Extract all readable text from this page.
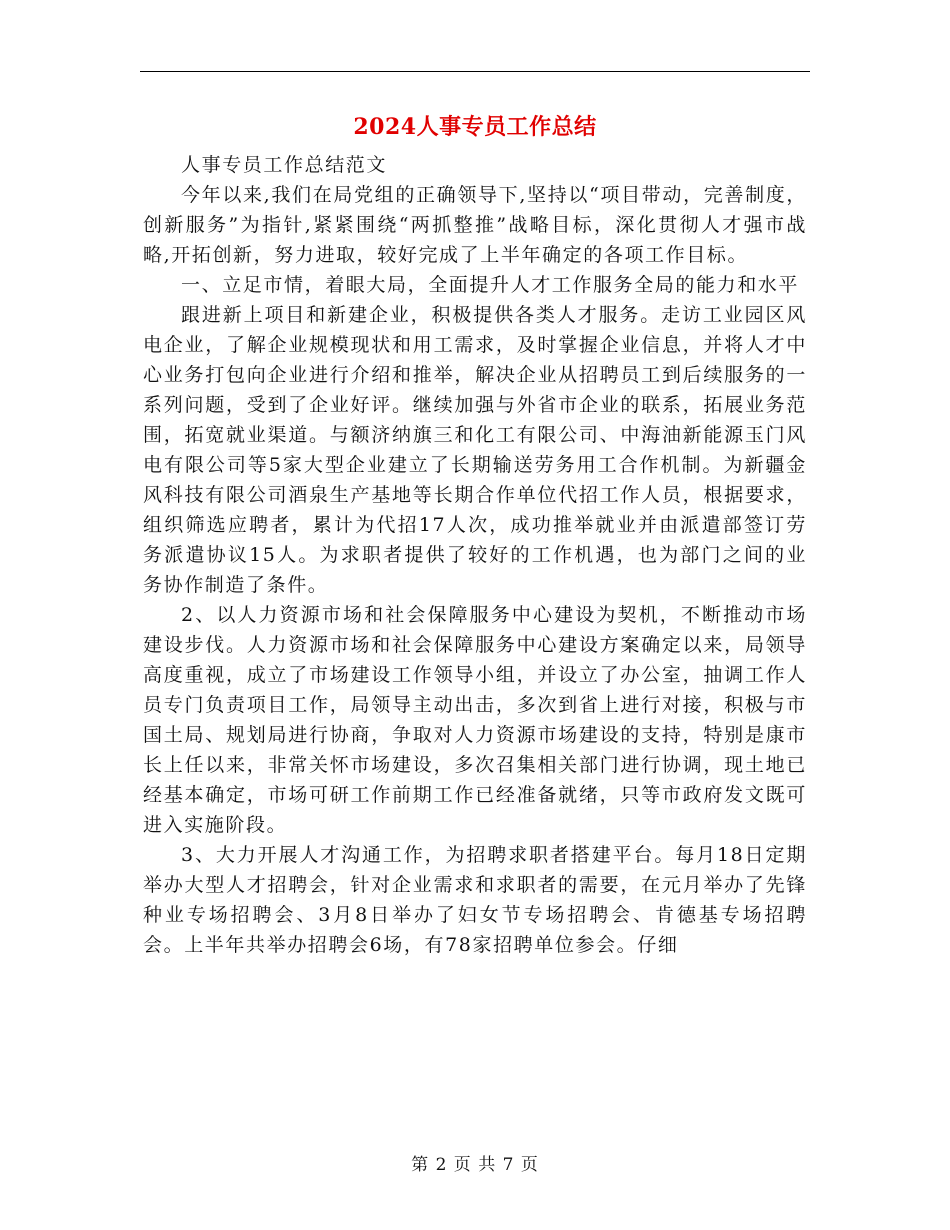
2024人事专员工作总结

人事专员工作总结范文

今年以来,我们在局党组的正确领导下,坚持以“项目带动，完善制度，创新服务”为指针,紧紧围绕“两抓整推”战略目标，深化贯彻人才强市战略,开拓创新，努力进取，较好完成了上半年确定的各项工作目标。

一、立足市情，着眼大局，全面提升人才工作服务全局的能力和水平

跟进新上项目和新建企业，积极提供各类人才服务。走访工业园区风电企业，了解企业规模现状和用工需求，及时掌握企业信息，并将人才中心业务打包向企业进行介绍和推举，解决企业从招聘员工到后续服务的一系列问题，受到了企业好评。继续加强与外省市企业的联系，拓展业务范围，拓宽就业渠道。与额济纳旗三和化工有限公司、中海油新能源玉门风电有限公司等5家大型企业建立了长期输送劳务用工合作机制。为新疆金风科技有限公司酒泉生产基地等长期合作单位代招工作人员，根据要求，组织筛选应聘者，累计为代招17人次，成功推举就业并由派遣部签订劳务派遣协议15人。为求职者提供了较好的工作机遇，也为部门之间的业务协作制造了条件。

2、以人力资源市场和社会保障服务中心建设为契机，不断推动市场建设步伐。人力资源市场和社会保障服务中心建设方案确定以来，局领导高度重视，成立了市场建设工作领导小组，并设立了办公室，抽调工作人员专门负责项目工作，局领导主动出击，多次到省上进行对接，积极与市国土局、规划局进行协商，争取对人力资源市场建设的支持，特别是康市长上任以来，非常关怀市场建设，多次召集相关部门进行协调，现土地已经基本确定，市场可研工作前期工作已经准备就绪，只等市政府发文既可进入实施阶段。

3、大力开展人才沟通工作，为招聘求职者搭建平台。每月18日定期举办大型人才招聘会，针对企业需求和求职者的需要，在元月举办了先锋种业专场招聘会、3月8日举办了妇女节专场招聘会、肯德基专场招聘会。上半年共举办招聘会6场，有78家招聘单位参会。仔细

第 2 页 共 7 页
